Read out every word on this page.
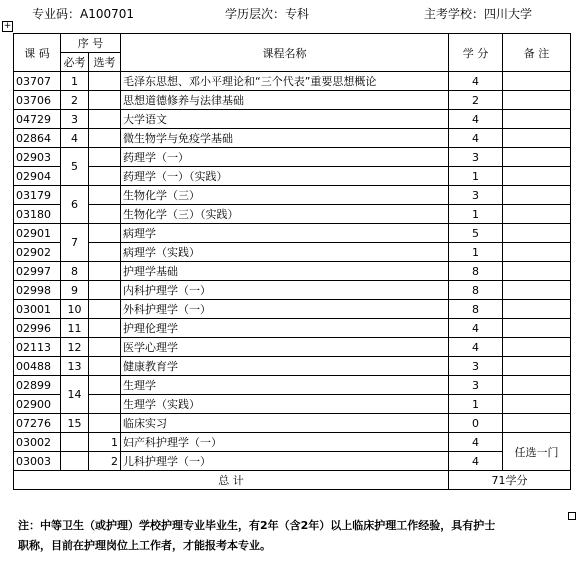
专业码：A100701	学历层次：专科	主考学校：四川大学
+
课 码	序 号		课程名称	学 分	备 注
	必考	选考			
03707	1		毛泽东思想、邓小平理论和“三个代表”重要思想概论	4	
03706	2		思想道德修养与法律基础	2	
04729	3		大学语文	4	
02864	4		微生物学与免疫学基础	4	
02903	5		药理学（一）	3	
02904			药理学（一）（实践）	1	
03179	6		生物化学（三）	3	
03180			生物化学（三）（实践）	1	
02901	7		病理学	5	
02902			病理学（实践）	1	
02997	8		护理学基础	8	
02998	9		内科护理学（一）	8	
03001	10		外科护理学（一）	8	
02996	11		护理伦理学	4	
02113	12		医学心理学	4	
00488	13		健康教育学	3	
02899	14		生理学	3	
02900			生理学（实践）	1	
07276	15		临床实习	0	
03002		1	妇产科护理学（一）	4	任选一门
03003		2	儿科护理学（一）	4	
总 计				71学分	
注：中等卫生（或护理）学校护理专业毕业生，有2年（含2年）以上临床护理工作经验，具有护士
职称，目前在护理岗位上工作者，才能报考本专业。
